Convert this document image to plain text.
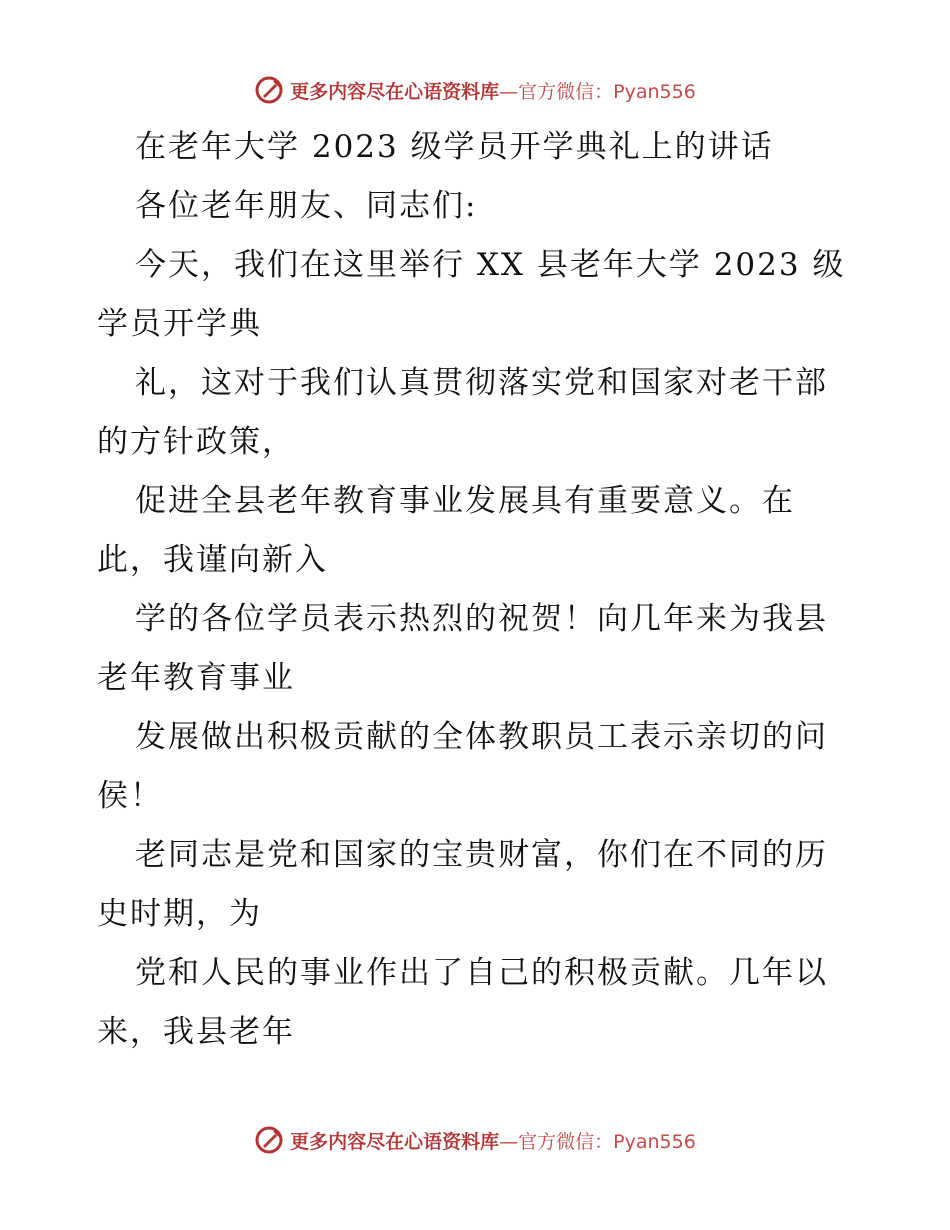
更多内容尽在心语资料库 —官方微信：Pyan556

在老年大学 2023 级学员开学典礼上的讲话

各位老年朋友、同志们:

今天，我们在这里举行 XX 县老年大学 2023 级

学员开学典

礼，这对于我们认真贯彻落实党和国家对老干部

的方针政策，

促进全县老年教育事业发展具有重要意义。在

此，我谨向新入

学的各位学员表示热烈的祝贺！向几年来为我县

老年教育事业

发展做出积极贡献的全体教职员工表示亲切的问

侯！

老同志是党和国家的宝贵财富，你们在不同的历

史时期，为

党和人民的事业作出了自己的积极贡献。几年以

来，我县老年

更多内容尽在心语资料库 —官方微信：Pyan556
